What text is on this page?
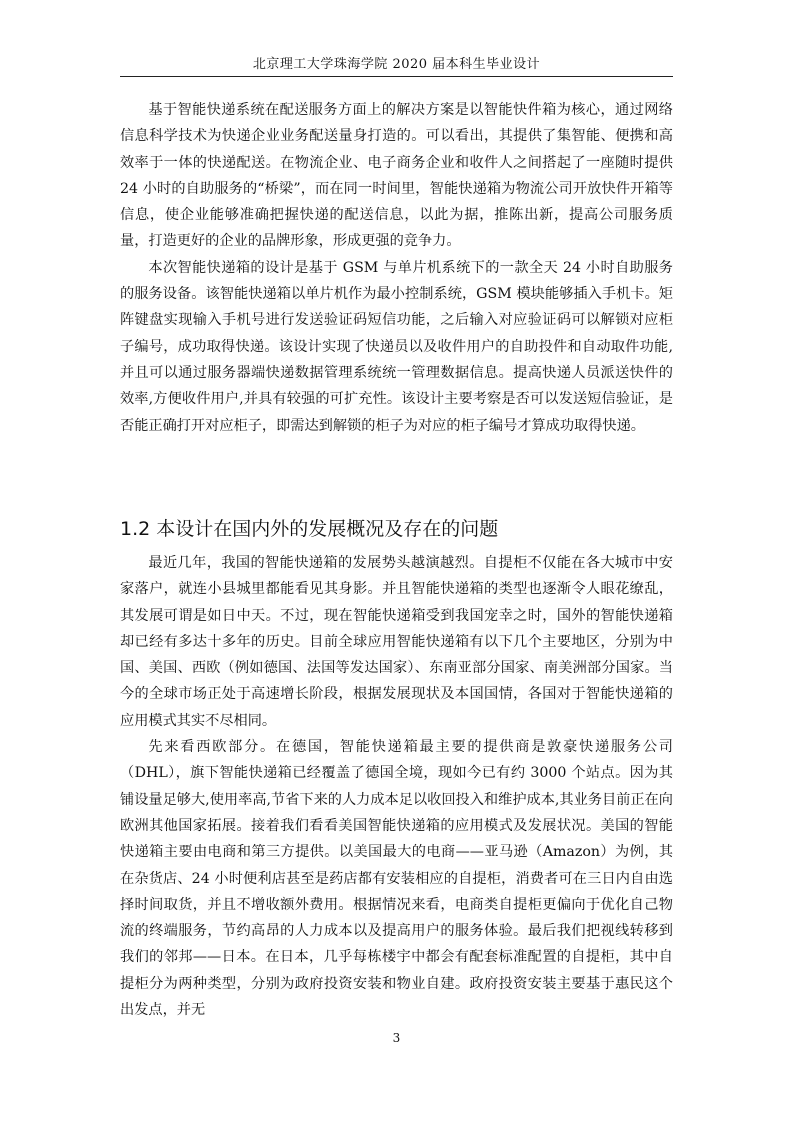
北京理工大学珠海学院 2020 届本科生毕业设计

基于智能快递系统在配送服务方面上的解决方案是以智能快件箱为核心，通过网络信息科学技术为快递企业业务配送量身打造的。可以看出，其提供了集智能、便携和高效率于一体的快递配送。在物流企业、电子商务企业和收件人之间搭起了一座随时提供 24 小时的自助服务的“桥梁”，而在同一时间里，智能快递箱为物流公司开放快件开箱等信息，使企业能够准确把握快递的配送信息，以此为据，推陈出新，提高公司服务质量，打造更好的企业的品牌形象，形成更强的竞争力。

本次智能快递箱的设计是基于 GSM 与单片机系统下的一款全天 24 小时自助服务的服务设备。该智能快递箱以单片机作为最小控制系统，GSM 模块能够插入手机卡。矩阵键盘实现输入手机号进行发送验证码短信功能，之后输入对应验证码可以解锁对应柜子编号，成功取得快递。该设计实现了快递员以及收件用户的自助投件和自动取件功能,并且可以通过服务器端快递数据管理系统统一管理数据信息。提高快递人员派送快件的效率,方便收件用户,并具有较强的可扩充性。该设计主要考察是否可以发送短信验证，是否能正确打开对应柜子，即需达到解锁的柜子为对应的柜子编号才算成功取得快递。

1.2 本设计在国内外的发展概况及存在的问题

最近几年，我国的智能快递箱的发展势头越演越烈。自提柜不仅能在各大城市中安家落户，就连小县城里都能看见其身影。并且智能快递箱的类型也逐渐令人眼花缭乱，其发展可谓是如日中天。不过，现在智能快递箱受到我国宠幸之时，国外的智能快递箱却已经有多达十多年的历史。目前全球应用智能快递箱有以下几个主要地区，分别为中国、美国、西欧（例如德国、法国等发达国家）、东南亚部分国家、南美洲部分国家。当今的全球市场正处于高速增长阶段，根据发展现状及本国国情，各国对于智能快递箱的应用模式其实不尽相同。

先来看西欧部分。在德国，智能快递箱最主要的提供商是敦豪快递服务公司（DHL），旗下智能快递箱已经覆盖了德国全境，现如今已有约 3000 个站点。因为其铺设量足够大,使用率高,节省下来的人力成本足以收回投入和维护成本,其业务目前正在向欧洲其他国家拓展。接着我们看看美国智能快递箱的应用模式及发展状况。美国的智能快递箱主要由电商和第三方提供。以美国最大的电商——亚马逊（Amazon）为例，其在杂货店、24 小时便利店甚至是药店都有安装相应的自提柜，消费者可在三日内自由选择时间取货，并且不增收额外费用。根据情况来看，电商类自提柜更偏向于优化自己物流的终端服务，节约高昂的人力成本以及提高用户的服务体验。最后我们把视线转移到我们的邻邦——日本。在日本，几乎每栋楼宇中都会有配套标准配置的自提柜，其中自提柜分为两种类型，分别为政府投资安装和物业自建。政府投资安装主要基于惠民这个出发点，并无

3
